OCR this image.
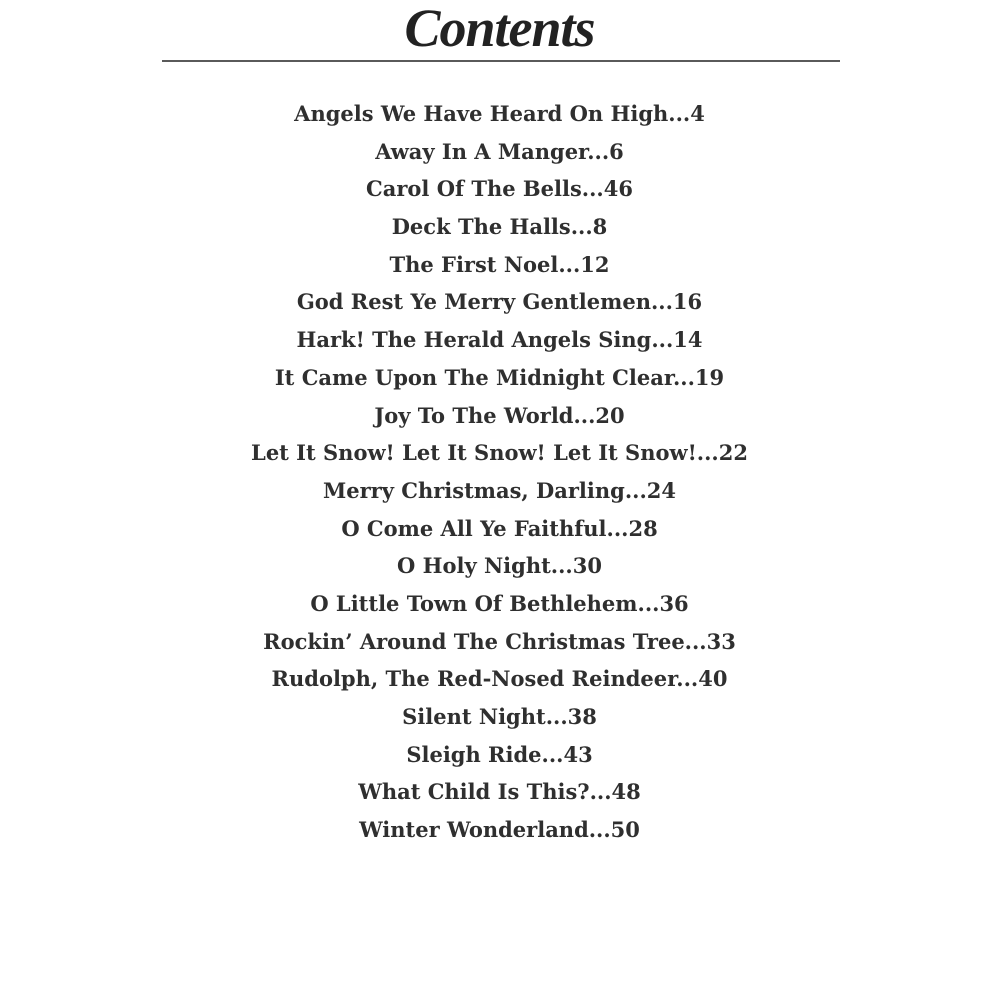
Contents
Angels We Have Heard On High...4
Away In A Manger...6
Carol Of The Bells...46
Deck The Halls...8
The First Noel...12
God Rest Ye Merry Gentlemen...16
Hark! The Herald Angels Sing...14
It Came Upon The Midnight Clear...19
Joy To The World...20
Let It Snow! Let It Snow! Let It Snow!...22
Merry Christmas, Darling...24
O Come All Ye Faithful...28
O Holy Night...30
O Little Town Of Bethlehem...36
Rockin’ Around The Christmas Tree...33
Rudolph, The Red-Nosed Reindeer...40
Silent Night...38
Sleigh Ride...43
What Child Is This?...48
Winter Wonderland...50
